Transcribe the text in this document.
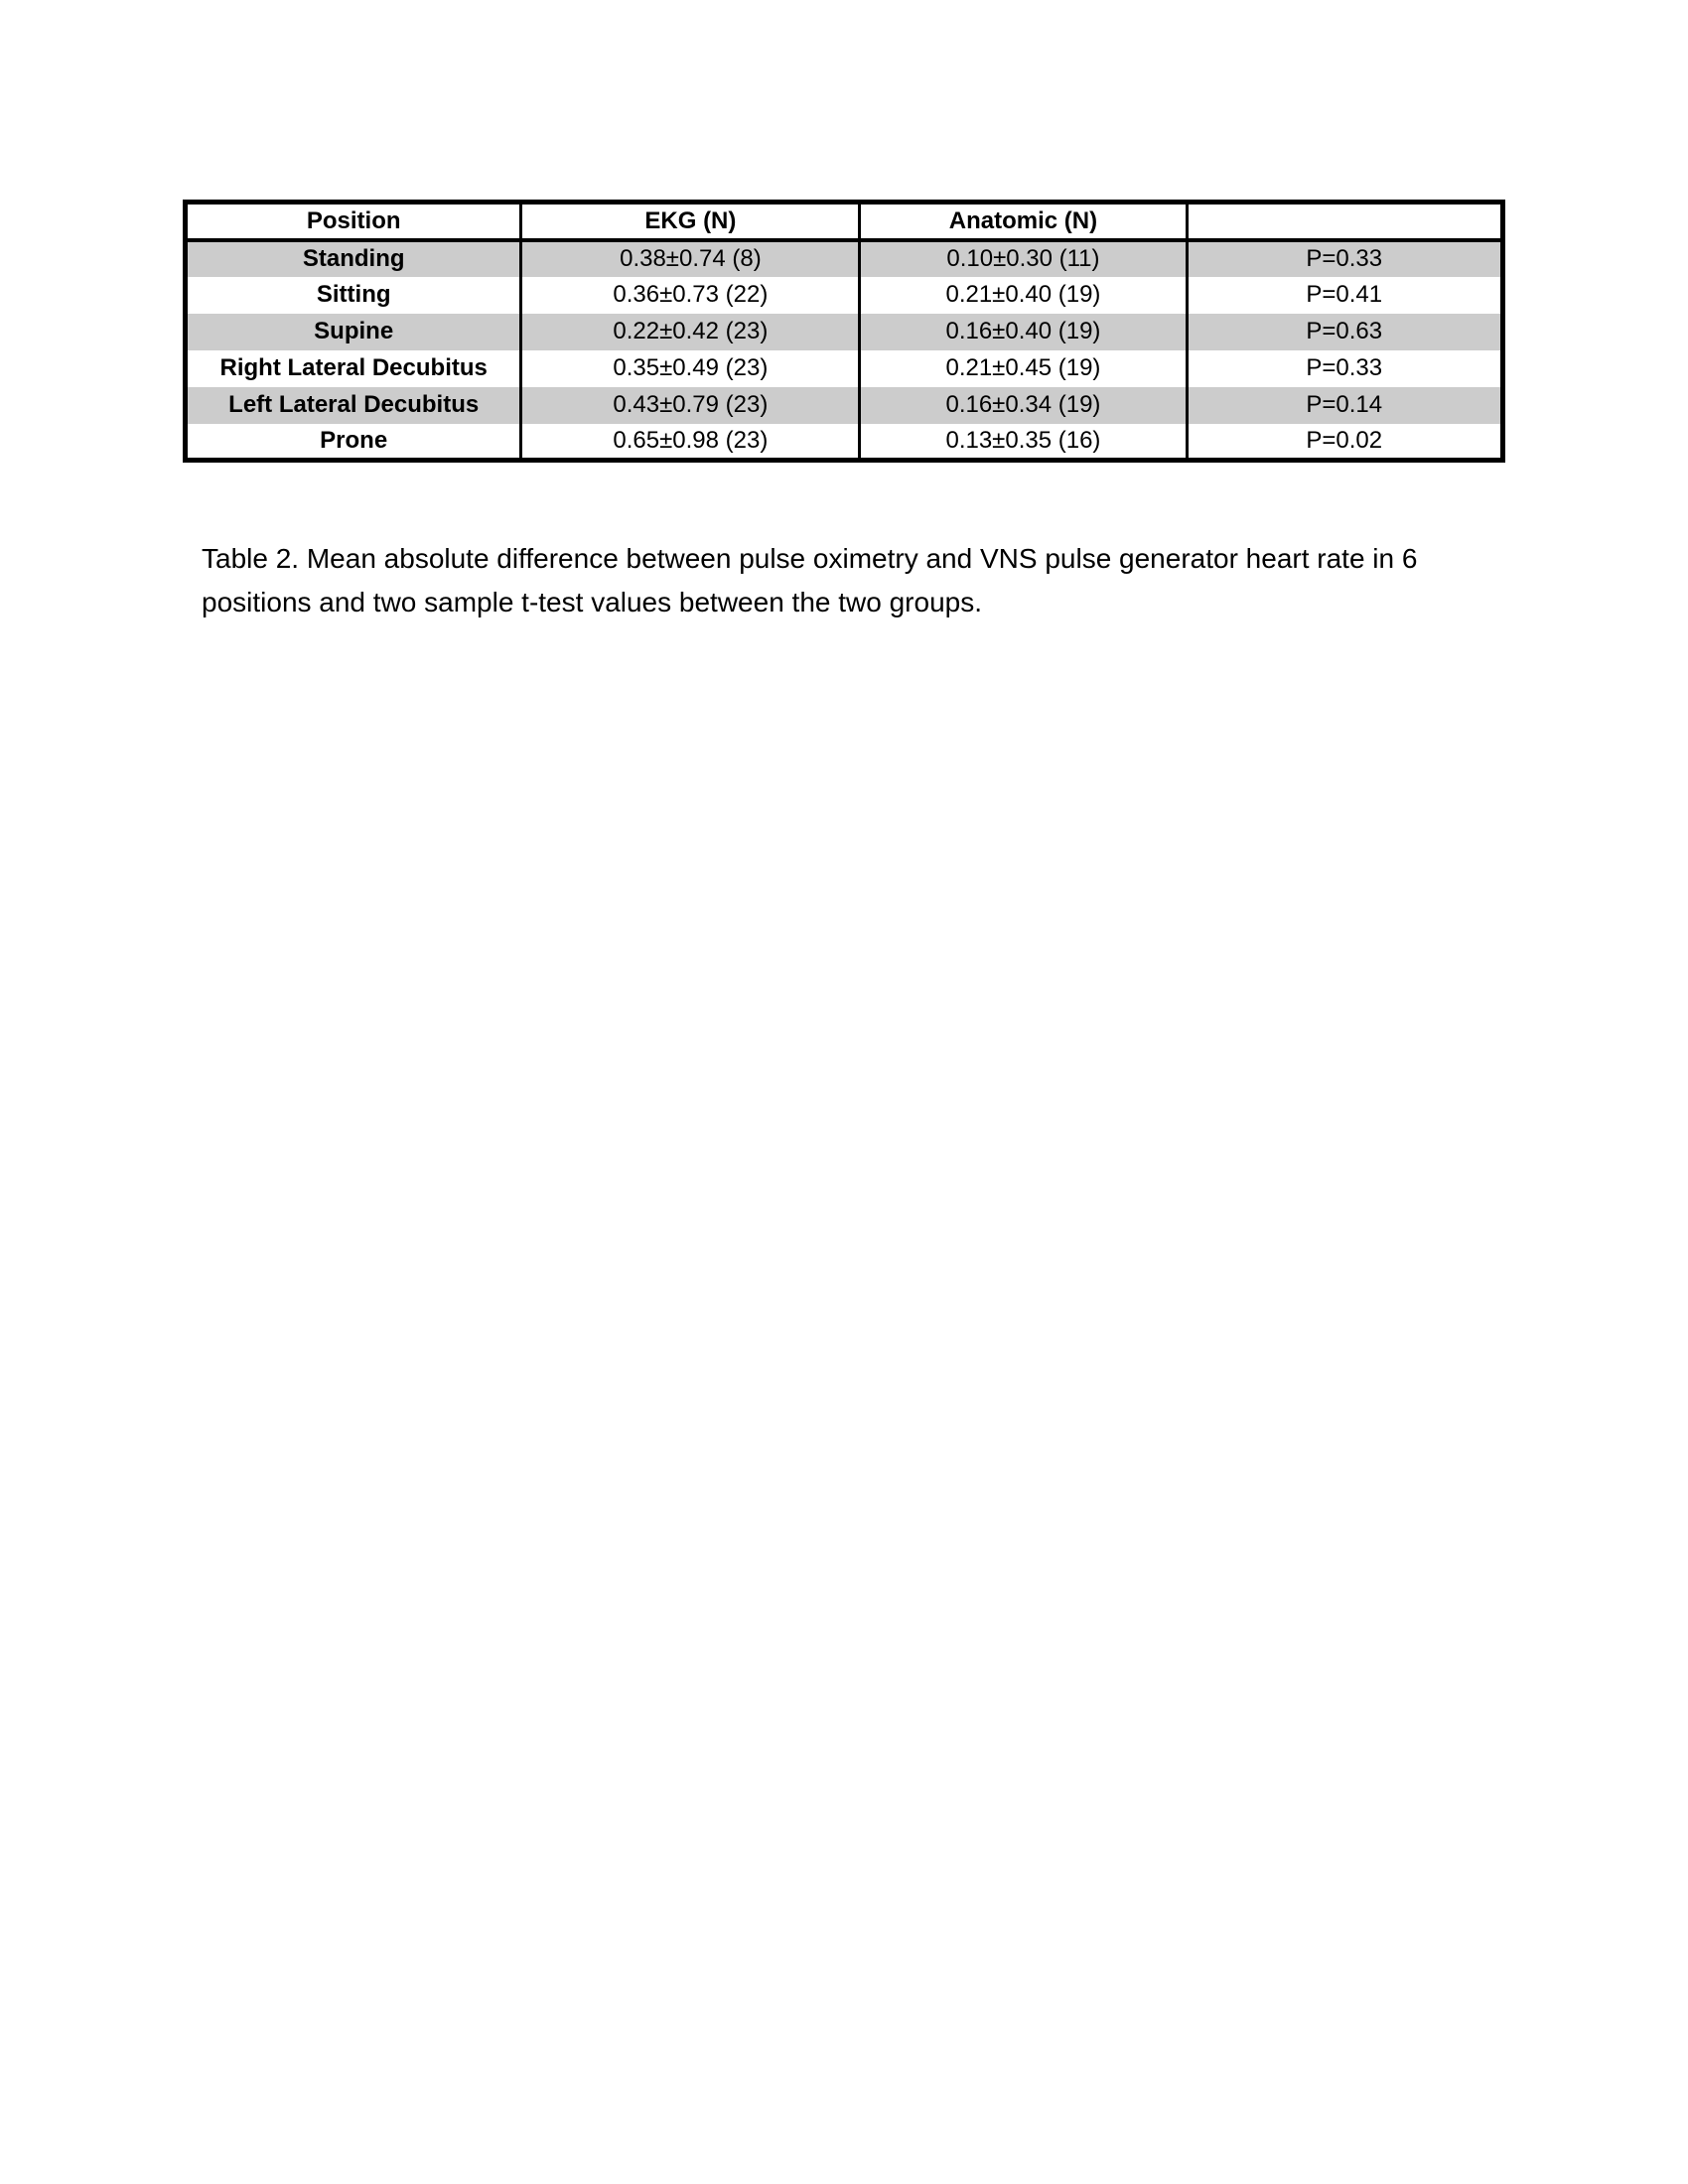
Position	EKG (N)	Anatomic (N)	
Standing	0.38±0.74 (8)	0.10±0.30 (11)	P=0.33
Sitting	0.36±0.73 (22)	0.21±0.40 (19)	P=0.41
Supine	0.22±0.42 (23)	0.16±0.40 (19)	P=0.63
Right Lateral Decubitus	0.35±0.49 (23)	0.21±0.45 (19)	P=0.33
Left Lateral Decubitus	0.43±0.79 (23)	0.16±0.34 (19)	P=0.14
Prone	0.65±0.98 (23)	0.13±0.35 (16)	P=0.02
Table 2. Mean absolute difference between pulse oximetry and VNS pulse generator heart rate in 6
positions and two sample t-test values between the two groups.
